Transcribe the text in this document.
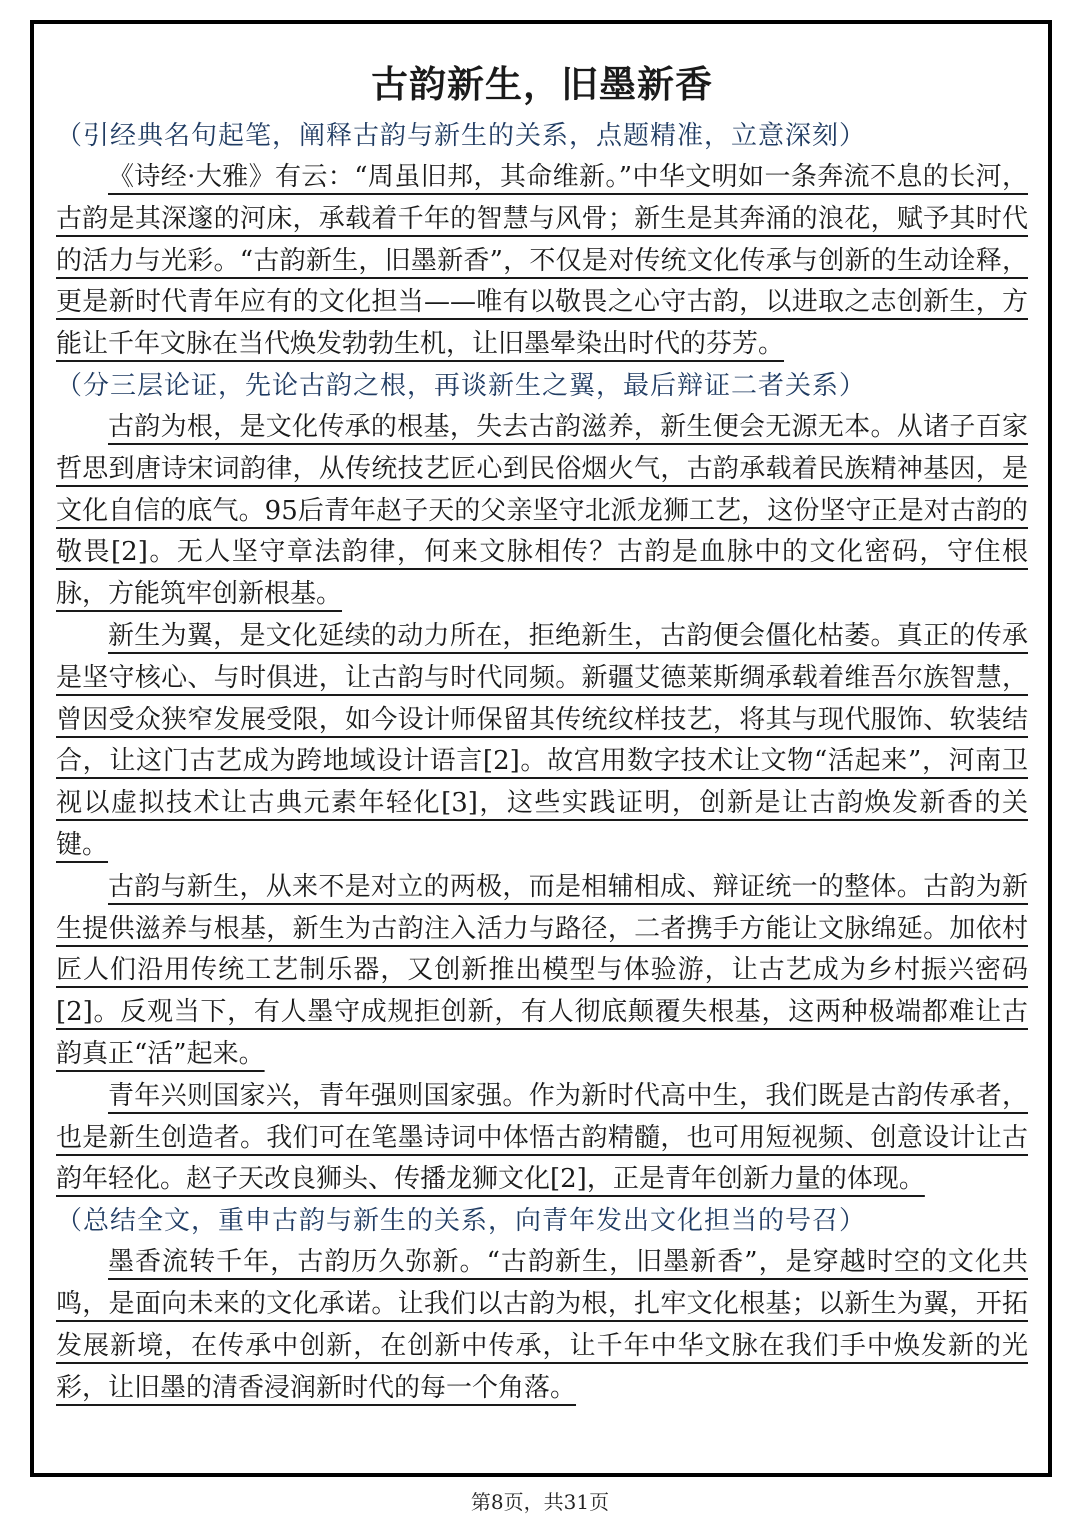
古韵新生，旧墨新香

（引经典名句起笔，阐释古韵与新生的关系，点题精准，立意深刻）

《诗经·大雅》有云：“周虽旧邦，其命维新。”中华文明如一条奔流不息的长河，古韵是其深邃的河床，承载着千年的智慧与风骨；新生是其奔涌的浪花，赋予其时代的活力与光彩。“古韵新生，旧墨新香”，不仅是对传统文化传承与创新的生动诠释，更是新时代青年应有的文化担当——唯有以敬畏之心守古韵，以进取之志创新生，方能让千年文脉在当代焕发勃勃生机，让旧墨晕染出时代的芬芳。

（分三层论证，先论古韵之根，再谈新生之翼，最后辩证二者关系）

古韵为根，是文化传承的根基，失去古韵滋养，新生便会无源无本。从诸子百家哲思到唐诗宋词韵律，从传统技艺匠心到民俗烟火气，古韵承载着民族精神基因，是文化自信的底气。95后青年赵子天的父亲坚守北派龙狮工艺，这份坚守正是对古韵的敬畏[2]。无人坚守章法韵律，何来文脉相传？古韵是血脉中的文化密码，守住根脉，方能筑牢创新根基。

新生为翼，是文化延续的动力所在，拒绝新生，古韵便会僵化枯萎。真正的传承是坚守核心、与时俱进，让古韵与时代同频。新疆艾德莱斯绸承载着维吾尔族智慧，曾因受众狭窄发展受限，如今设计师保留其传统纹样技艺，将其与现代服饰、软装结合，让这门古艺成为跨地域设计语言[2]。故宫用数字技术让文物“活起来”，河南卫视以虚拟技术让古典元素年轻化[3]，这些实践证明，创新是让古韵焕发新香的关键。

古韵与新生，从来不是对立的两极，而是相辅相成、辩证统一的整体。古韵为新生提供滋养与根基，新生为古韵注入活力与路径，二者携手方能让文脉绵延。加依村匠人们沿用传统工艺制乐器，又创新推出模型与体验游，让古艺成为乡村振兴密码[2]。反观当下，有人墨守成规拒创新，有人彻底颠覆失根基，这两种极端都难让古韵真正“活”起来。

青年兴则国家兴，青年强则国家强。作为新时代高中生，我们既是古韵传承者，也是新生创造者。我们可在笔墨诗词中体悟古韵精髓，也可用短视频、创意设计让古韵年轻化。赵子天改良狮头、传播龙狮文化[2]，正是青年创新力量的体现。

（总结全文，重申古韵与新生的关系，向青年发出文化担当的号召）

墨香流转千年，古韵历久弥新。“古韵新生，旧墨新香”，是穿越时空的文化共鸣，是面向未来的文化承诺。让我们以古韵为根，扎牢文化根基；以新生为翼，开拓发展新境，在传承中创新，在创新中传承，让千年中华文脉在我们手中焕发新的光彩，让旧墨的清香浸润新时代的每一个角落。

第8页，共31页
